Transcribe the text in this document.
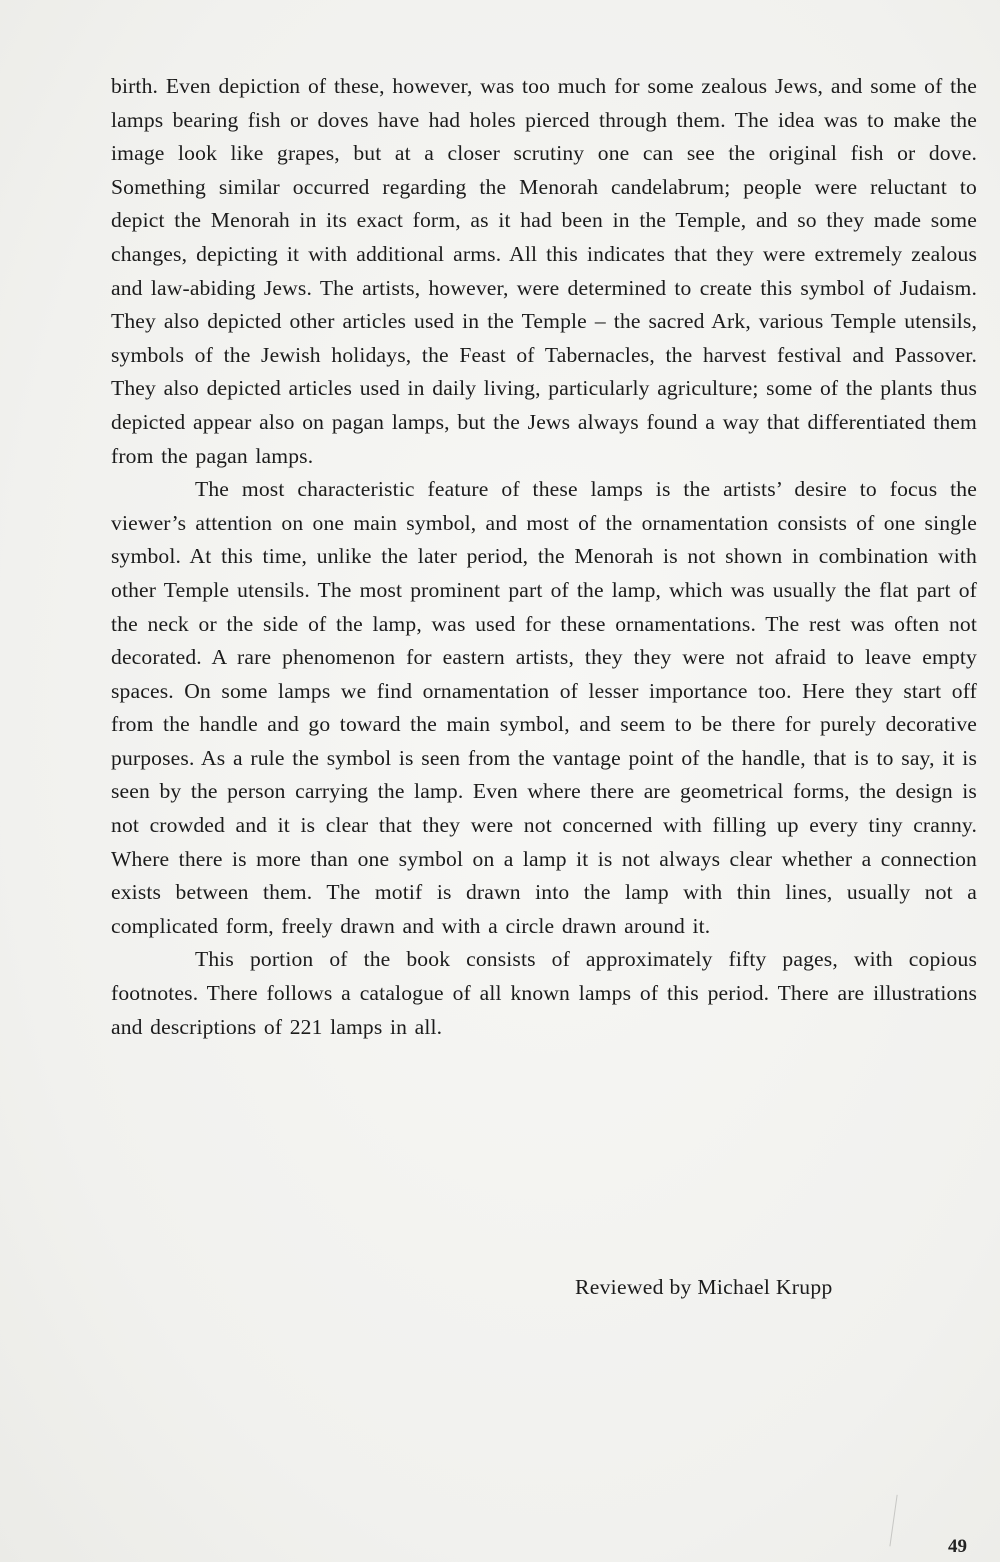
birth. Even depiction of these, however, was too much for some zealous Jews, and some of the lamps bearing fish or doves have had holes pierced through them. The idea was to make the image look like grapes, but at a closer scrutiny one can see the original fish or dove. Something similar occurred regarding the Menorah candelabrum; people were reluctant to depict the Menorah in its exact form, as it had been in the Temple, and so they made some changes, depicting it with additional arms. All this indicates that they were extremely zealous and law-abiding Jews. The artists, however, were determined to create this symbol of Judaism. They also depicted other articles used in the Temple – the sacred Ark, various Temple utensils, symbols of the Jewish holidays, the Feast of Tabernacles, the harvest festival and Passover. They also depicted articles used in daily living, particularly agriculture; some of the plants thus depicted appear also on pagan lamps, but the Jews always found a way that differentiated them from the pagan lamps.

The most characteristic feature of these lamps is the artists’ desire to focus the viewer’s attention on one main symbol, and most of the ornamentation consists of one single symbol. At this time, unlike the later period, the Menorah is not shown in combination with other Temple utensils. The most prominent part of the lamp, which was usually the flat part of the neck or the side of the lamp, was used for these ornamentations. The rest was often not decorated. A rare phenomenon for eastern artists, they they were not afraid to leave empty spaces. On some lamps we find ornamentation of lesser importance too. Here they start off from the handle and go toward the main symbol, and seem to be there for purely decorative purposes. As a rule the symbol is seen from the vantage point of the handle, that is to say, it is seen by the person carrying the lamp. Even where there are geometrical forms, the design is not crowded and it is clear that they were not concerned with filling up every tiny cranny. Where there is more than one symbol on a lamp it is not always clear whether a connection exists between them. The motif is drawn into the lamp with thin lines, usually not a complicated form, freely drawn and with a circle drawn around it.

This portion of the book consists of approximately fifty pages, with copious footnotes. There follows a catalogue of all known lamps of this period. There are illustrations and descriptions of 221 lamps in all.

Reviewed by Michael Krupp
49
